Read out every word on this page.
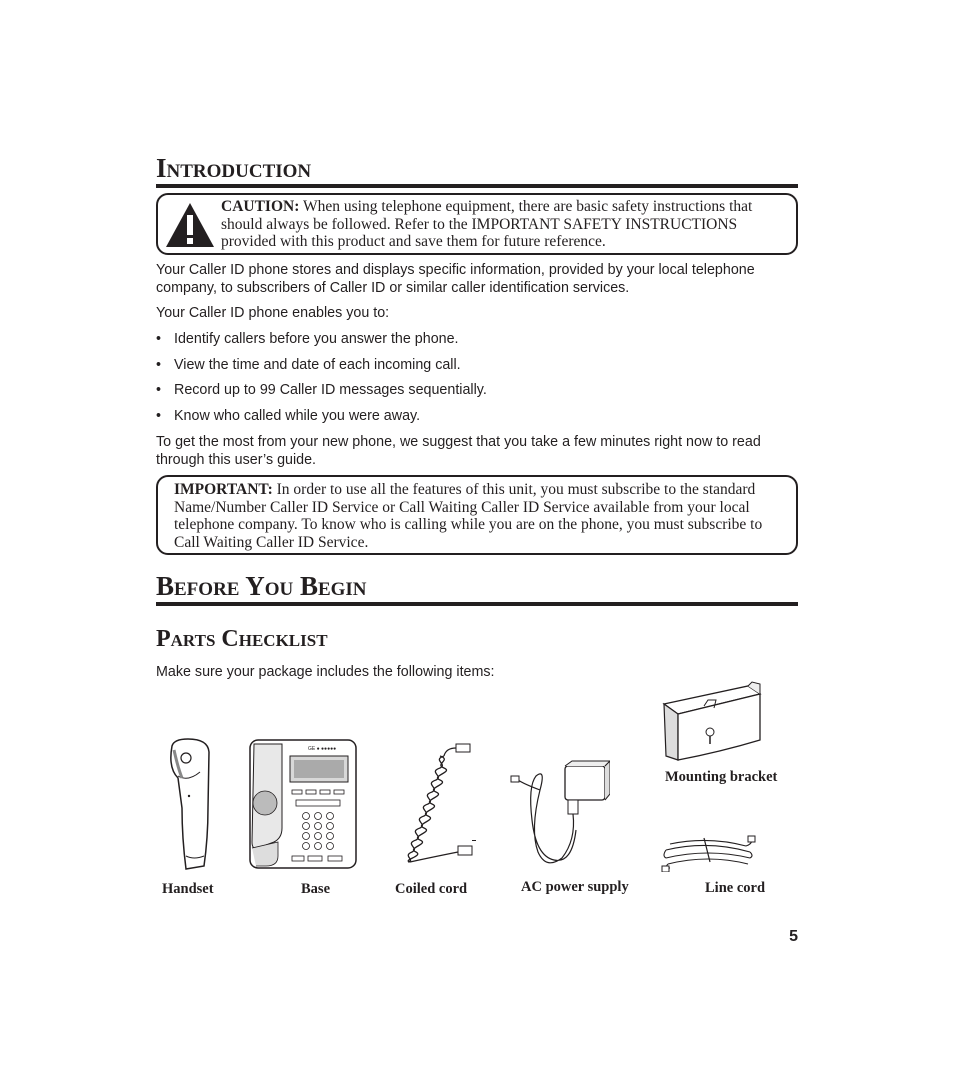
Introduction

CAUTION: When using telephone equipment, there are basic safety instructions that should always be followed. Refer to the IMPORTANT SAFETY INSTRUCTIONS provided with this product and save them for future reference.

Your Caller ID phone stores and displays specific information, provided by your local telephone company, to subscribers of Caller ID or similar caller identification services.

Your Caller ID phone enables you to:

• Identify callers before you answer the phone.
• View the time and date of each incoming call.
• Record up to 99 Caller ID messages sequentially.
• Know who called while you were away.

To get the most from your new phone, we suggest that you take a few minutes right now to read through this user’s guide.

IMPORTANT: In order to use all the features of this unit, you must subscribe to the standard Name/Number Caller ID Service or Call Waiting Caller ID Service available from your local telephone company. To know who is calling while you are on the phone, you must subscribe to Call Waiting Caller ID Service.

Before You Begin
Parts Checklist

Make sure your package includes the following items:

GE ● ●●●●●
Handset	Base	Coiled cord	AC power supply
Mounting bracket
Line cord
5
